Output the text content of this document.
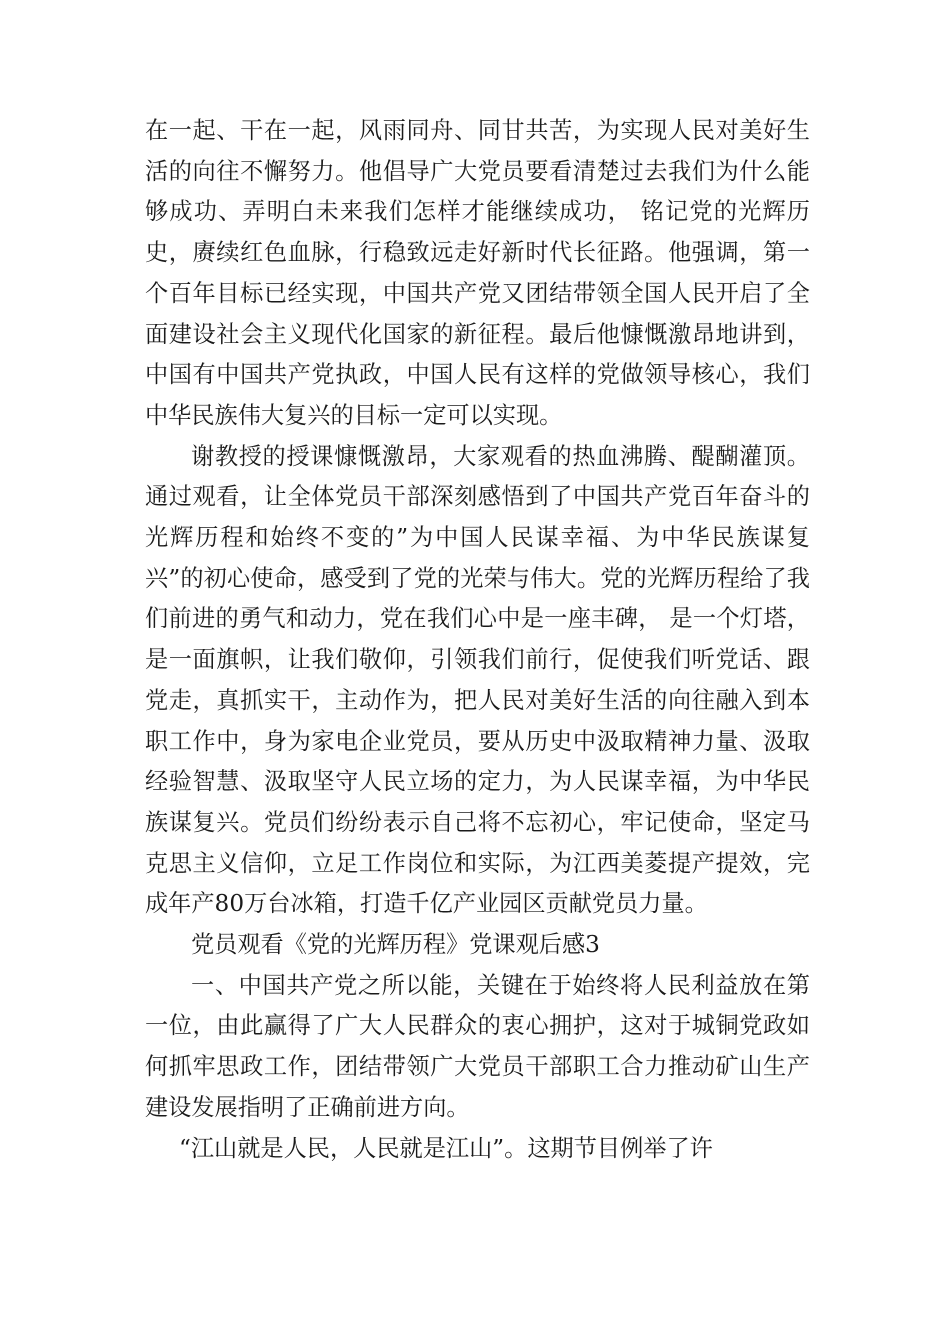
在一起、干在一起，风雨同舟、同甘共苦，为实现人民对美好生活的向往不懈努力。他倡导广大党员要看清楚过去我们为什么能够成功、弄明白未来我们怎样才能继续成功， 铭记党的光辉历史，赓续红色血脉，行稳致远走好新时代长征路。他强调，第一个百年目标已经实现，中国共产党又团结带领全国人民开启了全面建设社会主义现代化国家的新征程。最后他慷慨激昂地讲到，中国有中国共产党执政，中国人民有这样的党做领导核心，我们中华民族伟大复兴的目标一定可以实现。

谢教授的授课慷慨激昂，大家观看的热血沸腾、醍醐灌顶。通过观看，让全体党员干部深刻感悟到了中国共产党百年奋斗的光辉历程和始终不变的”为中国人民谋幸福、为中华民族谋复兴”的初心使命，感受到了党的光荣与伟大。党的光辉历程给了我们前进的勇气和动力，党在我们心中是一座丰碑， 是一个灯塔，是一面旗帜，让我们敬仰，引领我们前行，促使我们听党话、跟党走，真抓实干，主动作为，把人民对美好生活的向往融入到本职工作中，身为家电企业党员，要从历史中汲取精神力量、汲取经验智慧、汲取坚守人民立场的定力，为人民谋幸福，为中华民族谋复兴。党员们纷纷表示自己将不忘初心，牢记使命，坚定马克思主义信仰，立足工作岗位和实际，为江西美菱提产提效，完成年产80万台冰箱，打造千亿产业园区贡献党员力量。

党员观看《党的光辉历程》党课观后感3

一、中国共产党之所以能，关键在于始终将人民利益放在第一位，由此赢得了广大人民群众的衷心拥护，这对于城铜党政如何抓牢思政工作，团结带领广大党员干部职工合力推动矿山生产建设发展指明了正确前进方向。

“江山就是人民，人民就是江山”。这期节目例举了许
